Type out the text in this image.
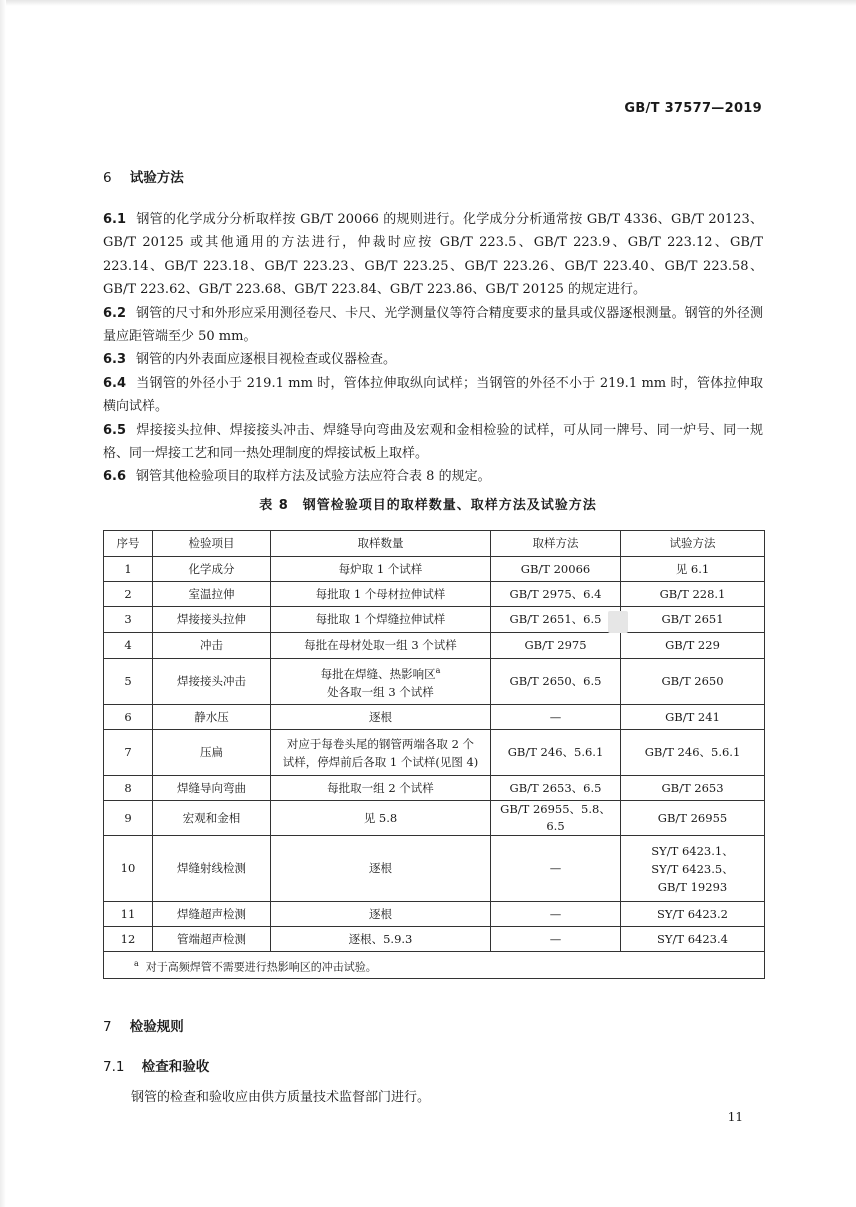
GB/T 37577—2019
6 试验方法

6.1 钢管的化学成分分析取样按 GB/T 20066 的规则进行。化学成分分析通常按 GB/T 4336、GB/T 20123、GB/T 20125 或其他通用的方法进行，仲裁时应按 GB/T 223.5、GB/T 223.9、GB/T 223.12、GB/T 223.14、GB/T 223.18、GB/T 223.23、GB/T 223.25、GB/T 223.26、GB/T 223.40、GB/T 223.58、GB/T 223.62、GB/T 223.68、GB/T 223.84、GB/T 223.86、GB/T 20125 的规定进行。

6.2 钢管的尺寸和外形应采用测径卷尺、卡尺、光学测量仪等符合精度要求的量具或仪器逐根测量。钢管的外径测量应距管端至少 50 mm。

6.3 钢管的内外表面应逐根目视检查或仪器检查。

6.4 当钢管的外径小于 219.1 mm 时，管体拉伸取纵向试样；当钢管的外径不小于 219.1 mm 时，管体拉伸取横向试样。

6.5 焊接接头拉伸、焊接接头冲击、焊缝导向弯曲及宏观和金相检验的试样，可从同一牌号、同一炉号、同一规格、同一焊接工艺和同一热处理制度的焊接试板上取样。

6.6 钢管其他检验项目的取样方法及试验方法应符合表 8 的规定。

表 8　钢管检验项目的取样数量、取样方法及试验方法
序号	检验项目	取样数量	取样方法	试验方法
1	化学成分	每炉取 1 个试样	GB/T 20066	见 6.1
2	室温拉伸	每批取 1 个母材拉伸试样	GB/T 2975、6.4	GB/T 228.1
3	焊接接头拉伸	每批取 1 个焊缝拉伸试样	GB/T 2651、6.5	GB/T 2651
4	冲击	每批在母材处取一组 3 个试样	GB/T 2975	GB/T 229
5	焊接接头冲击	每批在焊缝、热影响区$^a$
处各取一组 3 个试样	GB/T 2650、6.5	GB/T 2650
6	静水压	逐根	—	GB/T 241
7	压扁	对应于每卷头尾的钢管两端各取 2 个
试样，停焊前后各取 1 个试样(见图 4)	GB/T 246、5.6.1	GB/T 246、5.6.1
8	焊缝导向弯曲	每批取一组 2 个试样	GB/T 2653、6.5	GB/T 2653
9	宏观和金相	见 5.8	GB/T 26955、5.8、6.5	GB/T 26955
10	焊缝射线检测	逐根	—	SY/T 6423.1、
SY/T 6423.5、
GB/T 19293
11	焊缝超声检测	逐根	—	SY/T 6423.2
12	管端超声检测	逐根、5.9.3	—	SY/T 6423.4
$^a$ 对于高频焊管不需要进行热影响区的冲击试验。				
7 检验规则
7.1 检查和验收
钢管的检查和验收应由供方质量技术监督部门进行。
11
